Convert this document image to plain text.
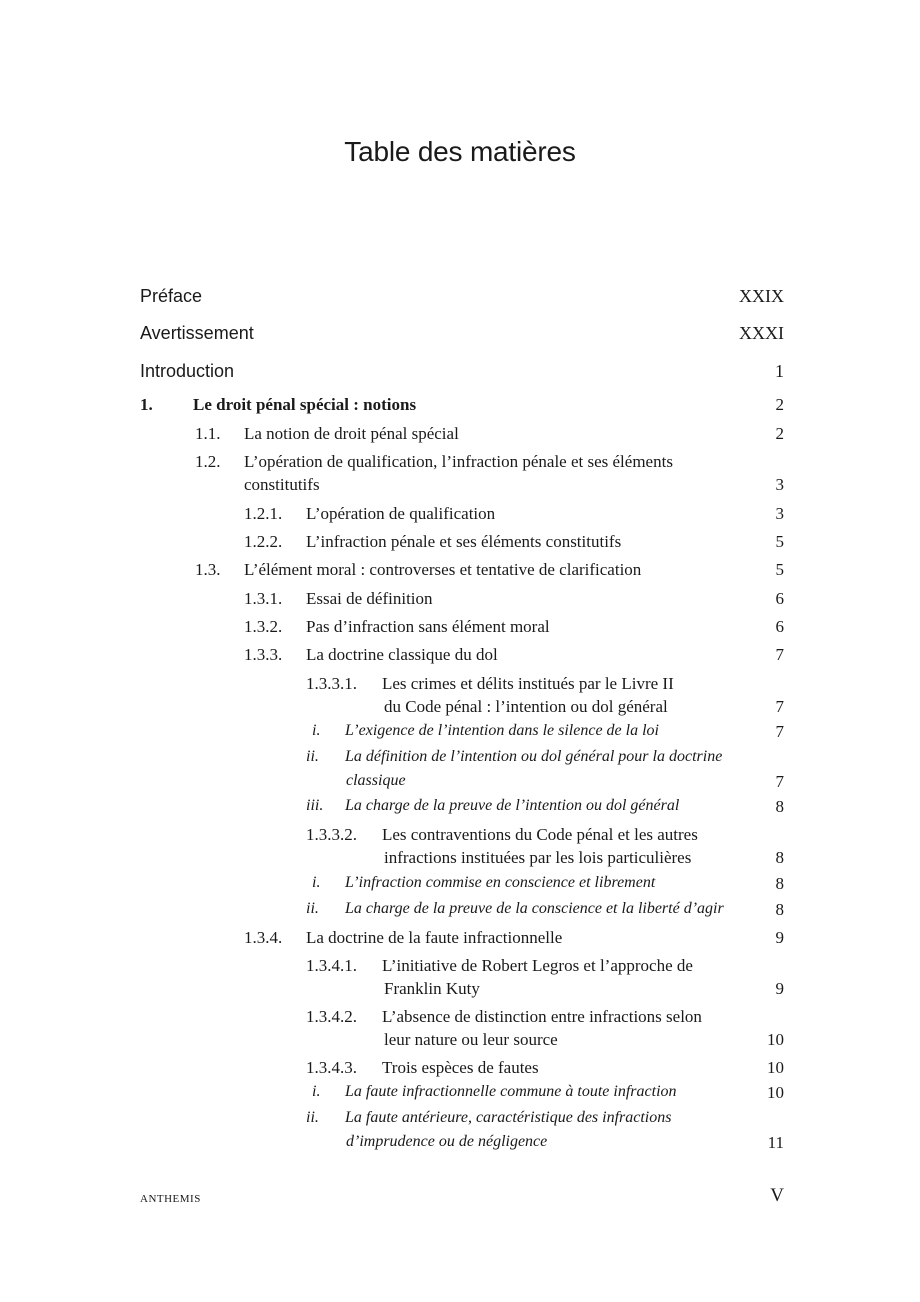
Table des matières
Préface	XXIX
Avertissement	XXXI
Introduction	1
1. Le droit pénal spécial : notions	2
1.1. La notion de droit pénal spécial	2
1.2. L’opération de qualification, l’infraction pénale et ses éléments
constitutifs	3
1.2.1. L’opération de qualification	3
1.2.2. L’infraction pénale et ses éléments constitutifs	5
1.3. L’élément moral : controverses et tentative de clarification	5
1.3.1. Essai de définition	6
1.3.2. Pas d’infraction sans élément moral	6
1.3.3. La doctrine classique du dol	7
1.3.3.1. Les crimes et délits institués par le Livre II
du Code pénal : l’intention ou dol général	7
i. L’exigence de l’intention dans le silence de la loi	7
ii. La définition de l’intention ou dol général pour la doctrine
classique	7
iii. La charge de la preuve de l’intention ou dol général	8
1.3.3.2. Les contraventions du Code pénal et les autres
infractions instituées par les lois particulières	8
i. L’infraction commise en conscience et librement	8
ii. La charge de la preuve de la conscience et la liberté d’agir	8
1.3.4. La doctrine de la faute infractionnelle	9
1.3.4.1. L’initiative de Robert Legros et l’approche de
Franklin Kuty	9
1.3.4.2. L’absence de distinction entre infractions selon
leur nature ou leur source	10
1.3.4.3. Trois espèces de fautes	10
i. La faute infractionnelle commune à toute infraction	10
ii. La faute antérieure, caractéristique des infractions
d’imprudence ou de négligence	11
ANTHEMIS	V
